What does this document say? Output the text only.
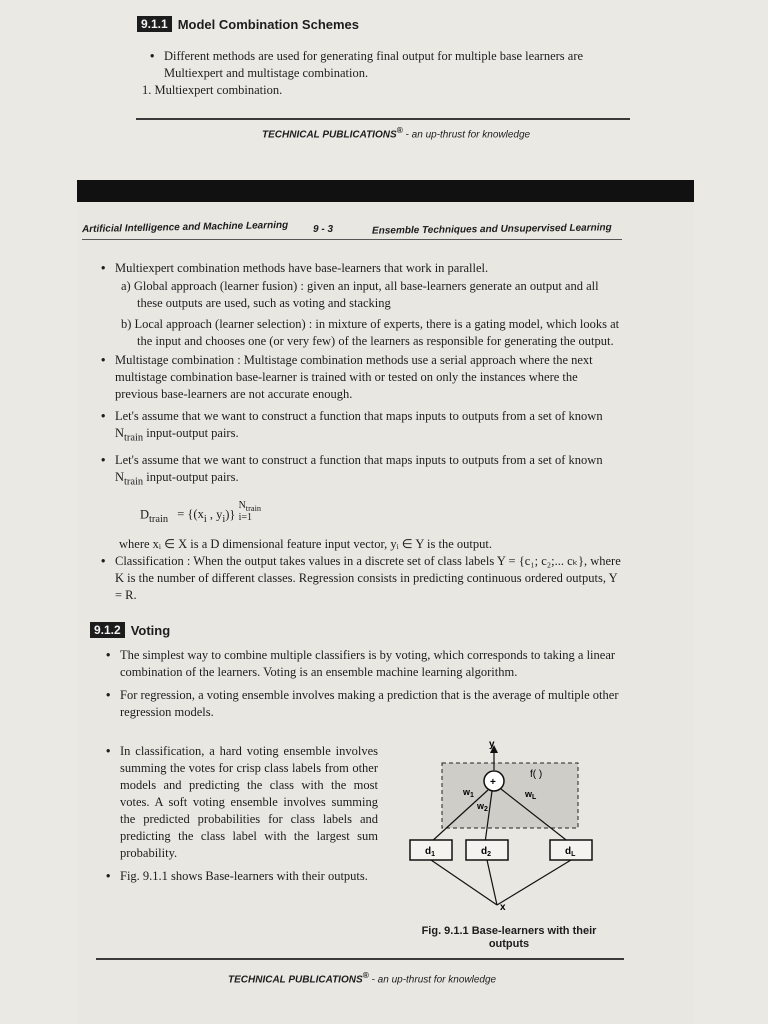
9.1.1 Model Combination Schemes
• Different methods are used for generating final output for multiple base learners are Multiexpert and multistage combination.
1. Multiexpert combination.
TECHNICAL PUBLICATIONS® - an up-thrust for knowledge
Artificial Intelligence and Machine Learning 9 - 3	Ensemble Techniques and Unsupervised Learning
• Multiexpert combination methods have base-learners that work in parallel.
a) Global approach (learner fusion) : given an input, all base-learners generate an output and all these outputs are used, such as voting and stacking
b) Local approach (learner selection) : in mixture of experts, there is a gating model, which looks at the input and chooses one (or very few) of the learners as responsible for generating the output.
• Multistage combination : Multistage combination methods use a serial approach where the next multistage combination base-learner is trained with or tested on only the instances where the previous base-learners are not accurate enough.
• Let's assume that we want to construct a function that maps inputs to outputs from a set of known $N_{train}$ input-output pairs.
• Let's assume that we want to construct a function that maps inputs to outputs from a set of known $N_{train}$ input-output pairs.
$D_{train} = \{(x_i$ , $y_i$)}
$N_{train}$
i=1
where xᵢ ∈ X is a D dimensional feature input vector, yᵢ ∈ Y is the output.
• Classification : When the output takes values in a discrete set of class labels Y = {c₁; c₂;... cₖ}, where K is the number of different classes. Regression consists in predicting continuous ordered outputs, Y = R.
9.1.2 Voting
• The simplest way to combine multiple classifiers is by voting, which corresponds to taking a linear combination of the learners. Voting is an ensemble machine learning algorithm.
• For regression, a voting ensemble involves making a prediction that is the average of multiple other regression models.
• In classification, a hard voting ensemble involves summing the votes for crisp class labels from other models and predicting the class with the most votes. A soft voting ensemble involves summing the predicted probabilities for class labels and predicting the class label with the largest sum probability.
• Fig. 9.1.1 shows Base-learners with their outputs.
y
+
f( )
$w_1$
$w_2$
$w_L$
$d_1$	$d_2$	$d_L$
x
Fig. 9.1.1 Base-learners with their
outputs
TECHNICAL PUBLICATIONS® - an up-thrust for knowledge
